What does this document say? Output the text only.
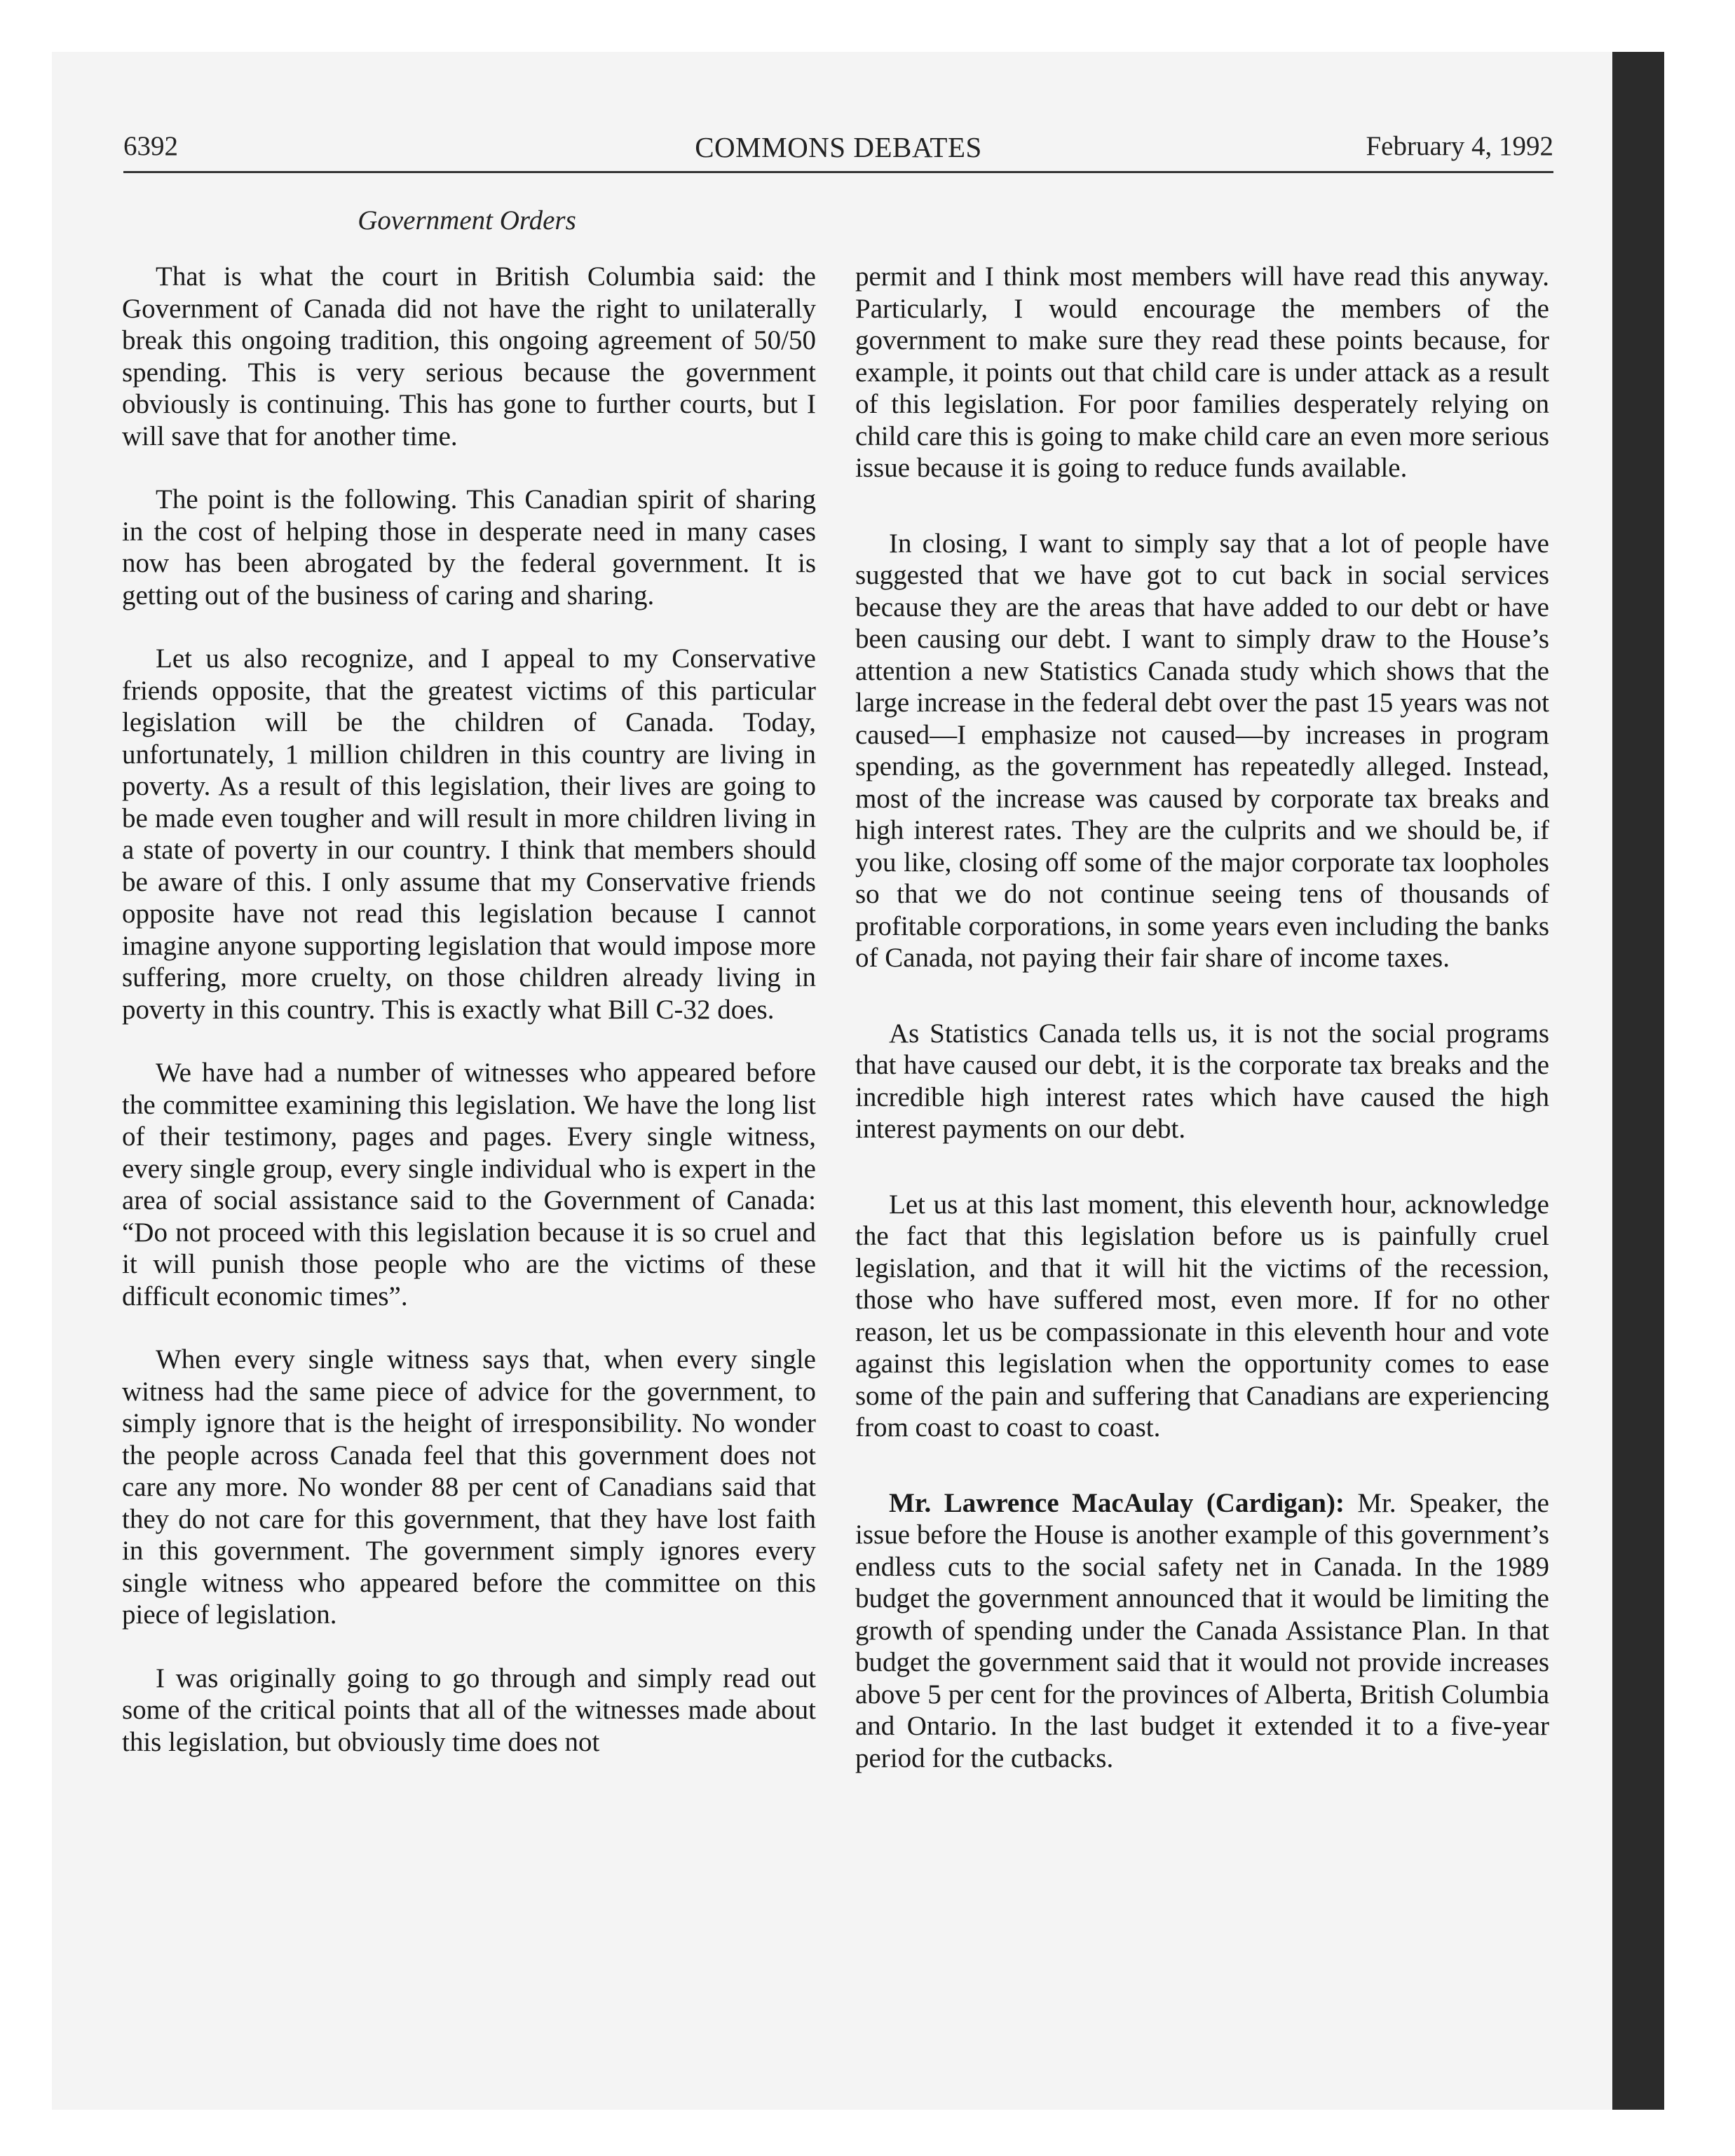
6392	COMMONS DEBATES	February 4, 1992
Government Orders

That is what the court in British Columbia said: the Government of Canada did not have the right to unilaterally break this ongoing tradition, this ongoing agreement of 50/50 spending. This is very serious because the government obviously is continuing. This has gone to further courts, but I will save that for another time.

The point is the following. This Canadian spirit of sharing in the cost of helping those in desperate need in many cases now has been abrogated by the federal government. It is getting out of the business of caring and sharing.

Let us also recognize, and I appeal to my Conservative friends opposite, that the greatest victims of this particular legislation will be the children of Canada. Today, unfortunately, 1 million children in this country are living in poverty. As a result of this legislation, their lives are going to be made even tougher and will result in more children living in a state of poverty in our country. I think that members should be aware of this. I only assume that my Conservative friends opposite have not read this legislation because I cannot imagine anyone supporting legislation that would impose more suffering, more cruelty, on those children already living in poverty in this country. This is exactly what Bill C-32 does.

We have had a number of witnesses who appeared before the committee examining this legislation. We have the long list of their testimony, pages and pages. Every single witness, every single group, every single individual who is expert in the area of social assistance said to the Government of Canada: “Do not proceed with this legislation because it is so cruel and it will punish those people who are the victims of these difficult economic times”.

When every single witness says that, when every single witness had the same piece of advice for the government, to simply ignore that is the height of irresponsibility. No wonder the people across Canada feel that this government does not care any more. No wonder 88 per cent of Canadians said that they do not care for this government, that they have lost faith in this government. The government simply ignores every single witness who appeared before the committee on this piece of legislation.

I was originally going to go through and simply read out some of the critical points that all of the witnesses made about this legislation, but obviously time does not

permit and I think most members will have read this anyway. Particularly, I would encourage the members of the government to make sure they read these points because, for example, it points out that child care is under attack as a result of this legislation. For poor families desperately relying on child care this is going to make child care an even more serious issue because it is going to reduce funds available.

In closing, I want to simply say that a lot of people have suggested that we have got to cut back in social services because they are the areas that have added to our debt or have been causing our debt. I want to simply draw to the House’s attention a new Statistics Canada study which shows that the large increase in the federal debt over the past 15 years was not caused—I emphasize not caused—by increases in program spending, as the government has repeatedly alleged. Instead, most of the increase was caused by corporate tax breaks and high interest rates. They are the culprits and we should be, if you like, closing off some of the major corporate tax loopholes so that we do not continue seeing tens of thousands of profitable corporations, in some years even including the banks of Canada, not paying their fair share of income taxes.

As Statistics Canada tells us, it is not the social programs that have caused our debt, it is the corporate tax breaks and the incredible high interest rates which have caused the high interest payments on our debt.

Let us at this last moment, this eleventh hour, acknowledge the fact that this legislation before us is painfully cruel legislation, and that it will hit the victims of the recession, those who have suffered most, even more. If for no other reason, let us be compassionate in this eleventh hour and vote against this legislation when the opportunity comes to ease some of the pain and suffering that Canadians are experiencing from coast to coast to coast.

Mr. Lawrence MacAulay (Cardigan): Mr. Speaker, the issue before the House is another example of this government’s endless cuts to the social safety net in Canada. In the 1989 budget the government announced that it would be limiting the growth of spending under the Canada Assistance Plan. In that budget the government said that it would not provide increases above 5 per cent for the provinces of Alberta, British Columbia and Ontario. In the last budget it extended it to a five-year period for the cutbacks.
